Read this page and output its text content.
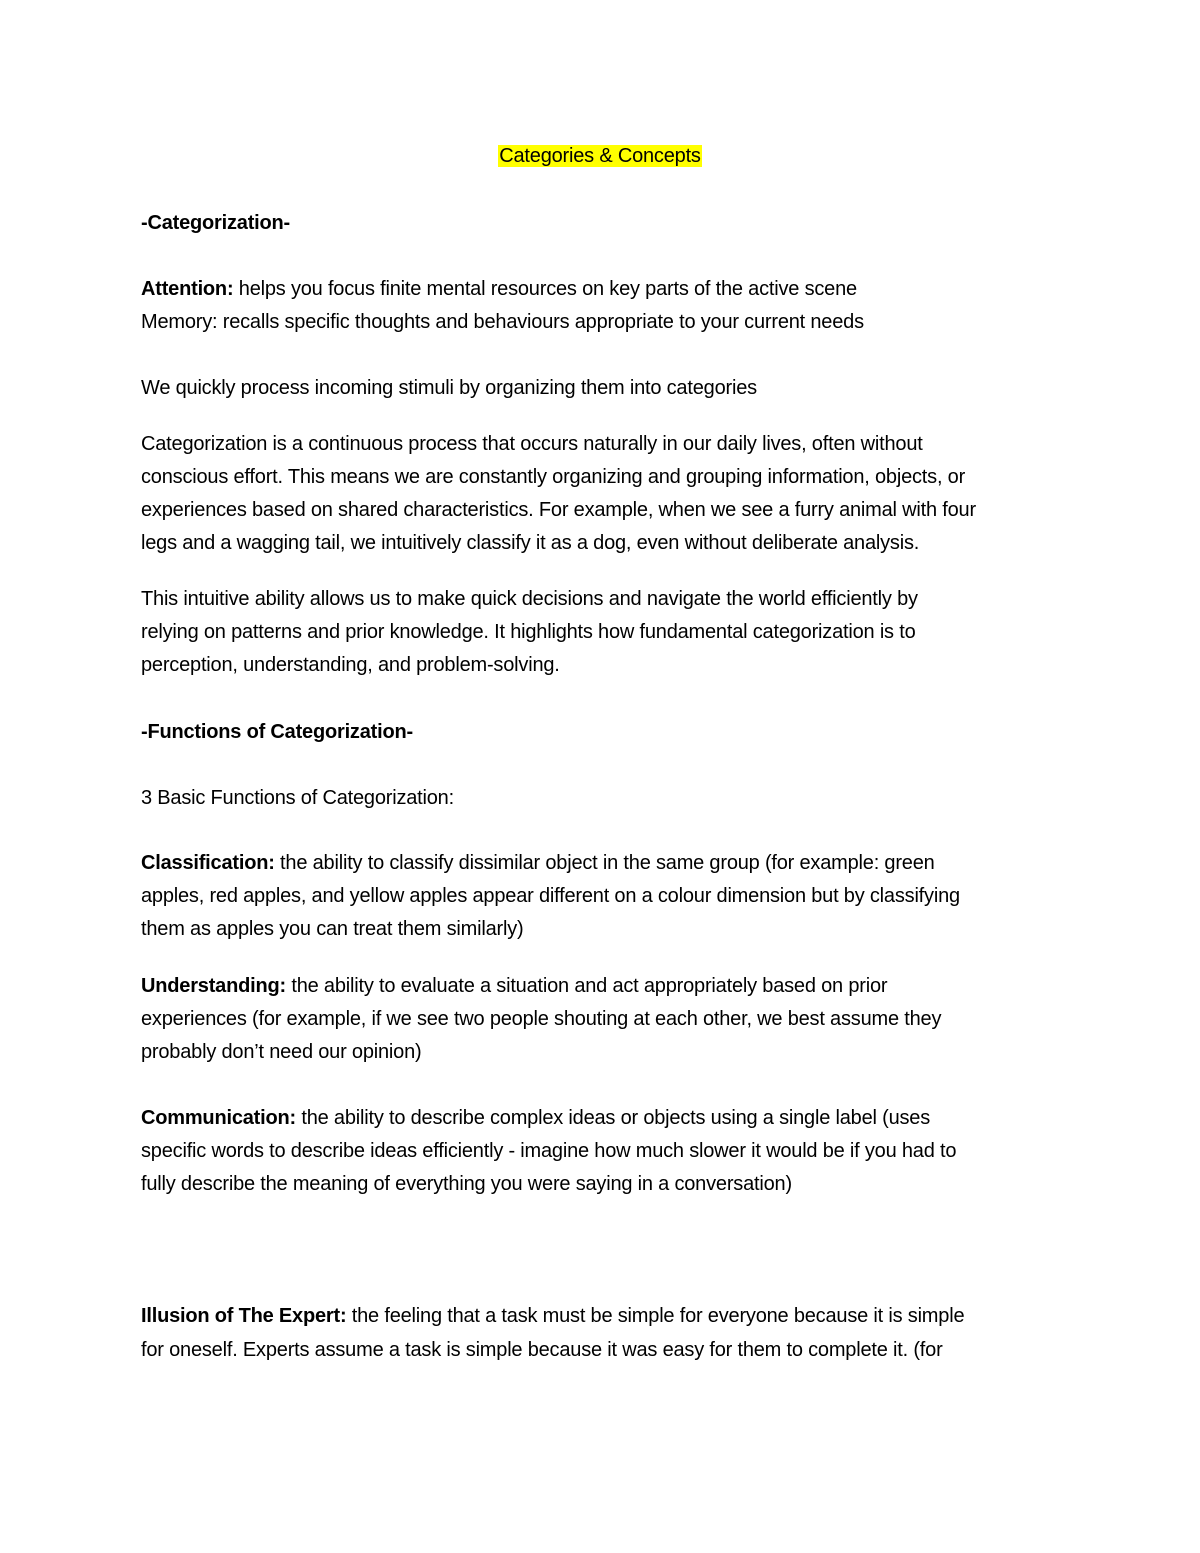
Categories & Concepts
-Categorization-
Attention: helps you focus finite mental resources on key parts of the active scene
Memory: recalls specific thoughts and behaviours appropriate to your current needs
We quickly process incoming stimuli by organizing them into categories
Categorization is a continuous process that occurs naturally in our daily lives, often without
conscious effort. This means we are constantly organizing and grouping information, objects, or
experiences based on shared characteristics. For example, when we see a furry animal with four
legs and a wagging tail, we intuitively classify it as a dog, even without deliberate analysis.
This intuitive ability allows us to make quick decisions and navigate the world efficiently by
relying on patterns and prior knowledge. It highlights how fundamental categorization is to
perception, understanding, and problem-solving.
-Functions of Categorization-
3 Basic Functions of Categorization:
Classification: the ability to classify dissimilar object in the same group (for example: green
apples, red apples, and yellow apples appear different on a colour dimension but by classifying
them as apples you can treat them similarly)
Understanding: the ability to evaluate a situation and act appropriately based on prior
experiences (for example, if we see two people shouting at each other, we best assume they
probably don’t need our opinion)
Communication: the ability to describe complex ideas or objects using a single label (uses
specific words to describe ideas efficiently - imagine how much slower it would be if you had to
fully describe the meaning of everything you were saying in a conversation)
Illusion of The Expert: the feeling that a task must be simple for everyone because it is simple
for oneself. Experts assume a task is simple because it was easy for them to complete it. (for
